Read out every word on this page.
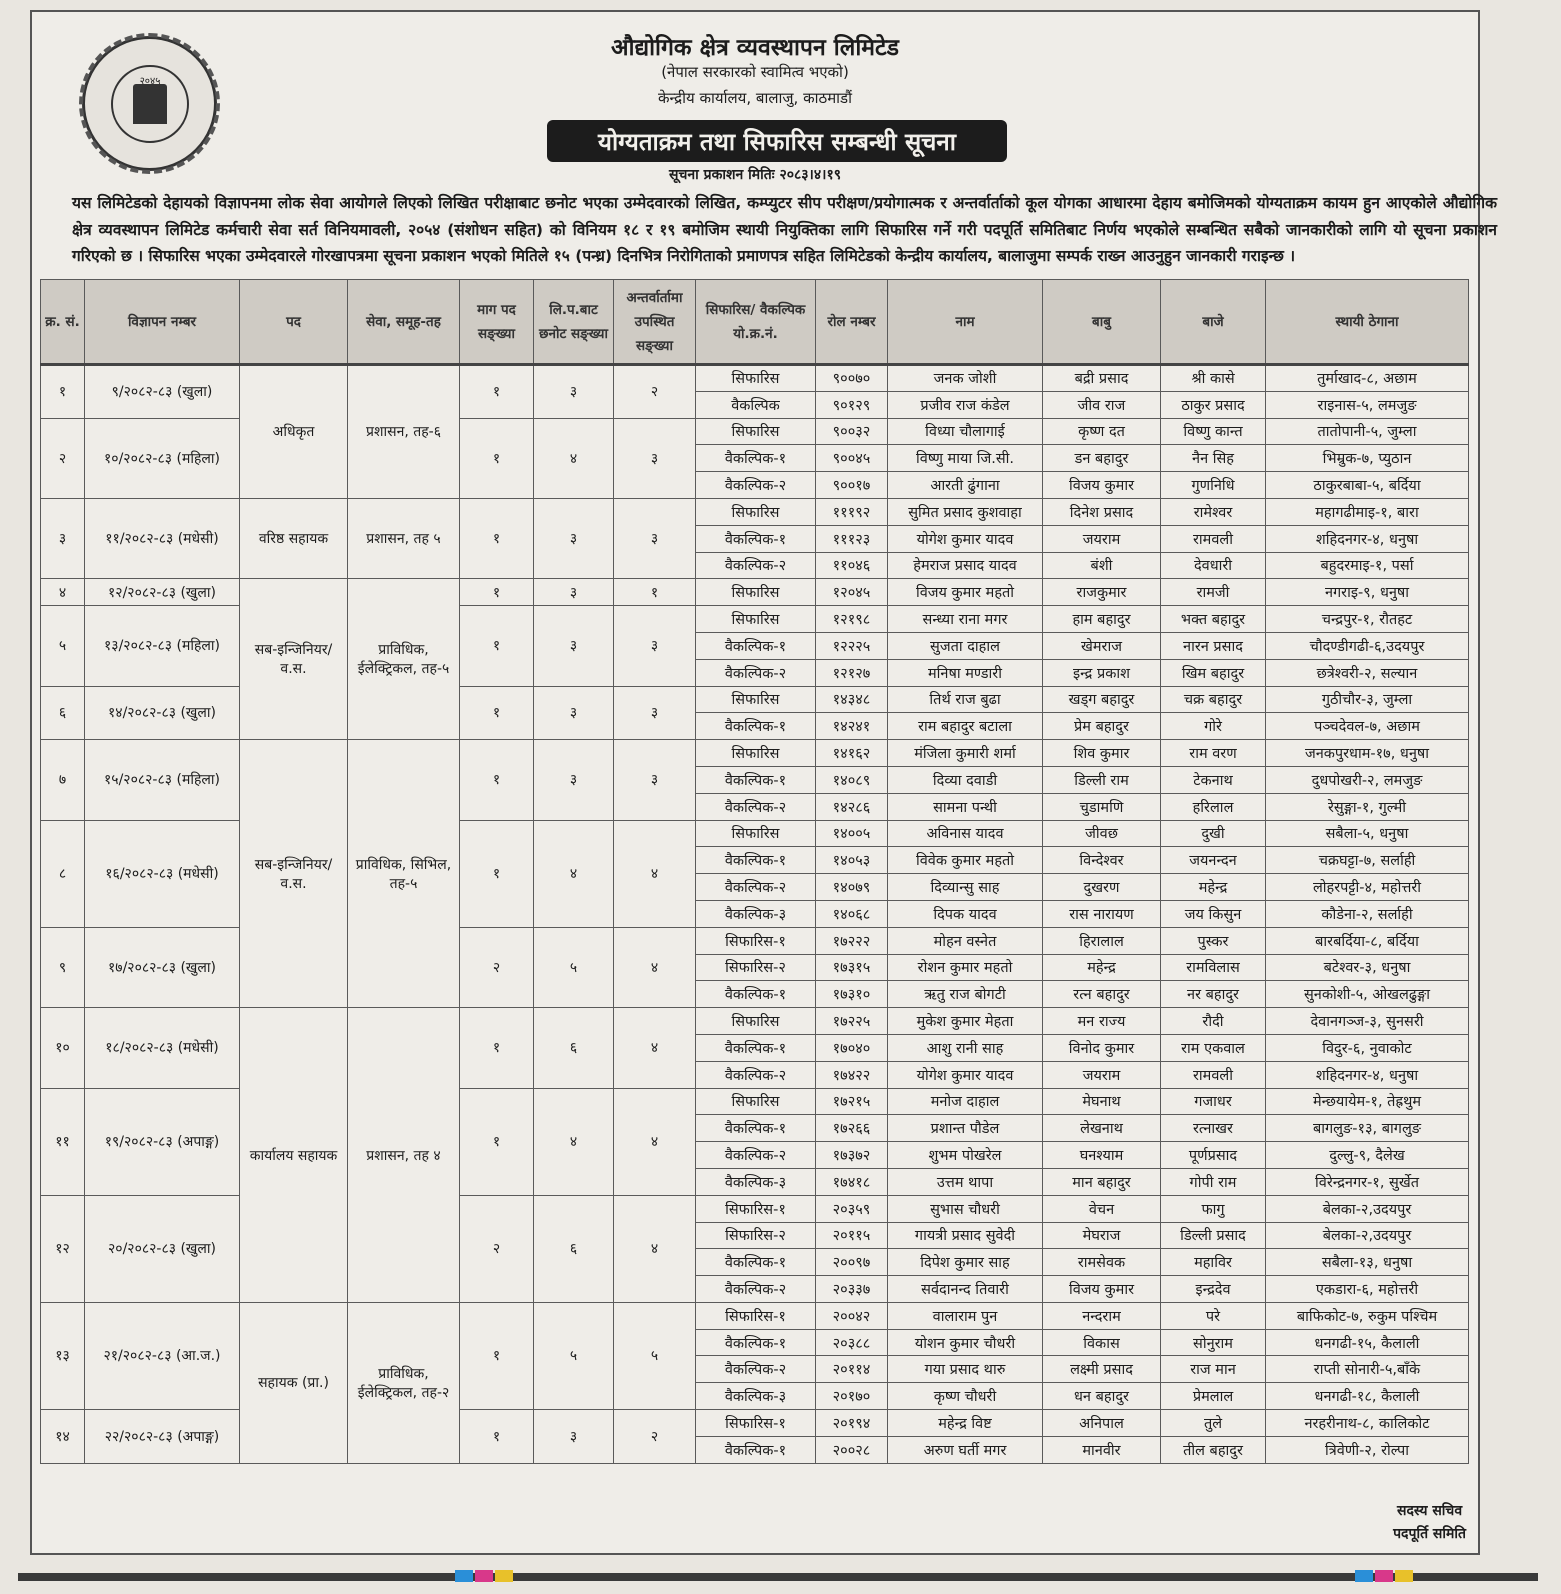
२०४५
औद्योगिक क्षेत्र व्यवस्थापन लिमिटेड
(नेपाल सरकारको स्वामित्व भएको)
केन्द्रीय कार्यालय, बालाजु, काठमाडौं
योग्यताक्रम तथा सिफारिस सम्बन्धी सूचना
सूचना प्रकाशन मितिः २०८३।४।१९

यस लिमिटेडको देहायको विज्ञापनमा लोक सेवा आयोगले लिएको लिखित परीक्षाबाट छनोट भएका उम्मेदवारको लिखित, कम्प्युटर सीप परीक्षण/प्रयोगात्मक र अन्तर्वार्ताको कूल योगका आधारमा देहाय बमोजिमको योग्यताक्रम कायम हुन आएकोले औद्योगिक क्षेत्र व्यवस्थापन लिमिटेड कर्मचारी सेवा सर्त विनियमावली, २०५४ (संशोधन सहित) को विनियम १८ र १९ बमोजिम स्थायी नियुक्तिका लागि सिफारिस गर्ने गरी पदपूर्ति समितिबाट निर्णय भएकोले सम्बन्धित सबैको जानकारीको लागि यो सूचना प्रकाशन गरिएको छ । सिफारिस भएका उम्मेदवारले गोरखापत्रमा सूचना प्रकाशन भएको मितिले १५ (पन्ध्र) दिनभित्र निरोगिताको प्रमाणपत्र सहित लिमिटेडको केन्द्रीय कार्यालय, बालाजुमा सम्पर्क राख्न आउनुहुन जानकारी गराइन्छ ।

क्र. सं.	विज्ञापन नम्बर	पद	सेवा, समूह-तह	माग पद सङ्ख्या	लि.प.बाट छनोट सङ्ख्या	अन्तर्वार्तामा उपस्थित सङ्ख्या	सिफारिस/ वैकल्पिक यो.क्र.नं.	रोल नम्बर	नाम	बाबु	बाजे	स्थायी ठेगाना
१	९/२०८२-८३ (खुला)	अधिकृत	प्रशासन, तह-६	१	३	२	सिफारिस	९००७०	जनक जोशी	बद्री प्रसाद	श्री कासे	तुर्माखाद-८, अछाम
							वैकल्पिक	९०१२९	प्रजीव राज कंडेल	जीव राज	ठाकुर प्रसाद	राइनास-५, लमजुङ
२	१०/२०८२-८३ (महिला)			१	४	३	सिफारिस	९००३२	विध्या चौलागाई	कृष्ण दत	विष्णु कान्त	तातोपानी-५, जुम्ला
							वैकल्पिक-१	९००४५	विष्णु माया जि.सी.	डन बहादुर	नैन सिह	भिम्रुक-७, प्युठान
							वैकल्पिक-२	९००१७	आरती ढुंगाना	विजय कुमार	गुणनिधि	ठाकुरबाबा-५, बर्दिया
३	११/२०८२-८३ (मधेसी)	वरिष्ठ सहायक	प्रशासन, तह ५	१	३	३	सिफारिस	१११९२	सुमित प्रसाद कुशवाहा	दिनेश प्रसाद	रामेश्वर	महागढीमाइ-१, बारा
							वैकल्पिक-१	१११२३	योगेश कुमार यादव	जयराम	रामवली	शहिदनगर-४, धनुषा
							वैकल्पिक-२	११०४६	हेमराज प्रसाद यादव	बंशी	देवधारी	बहुदरमाइ-१, पर्सा
४	१२/२०८२-८३ (खुला)	सब-इन्जिनियर/व.स.	प्राविधिक, ईलेक्ट्रिकल, तह-५	१	३	१	सिफारिस	१२०४५	विजय कुमार महतो	राजकुमार	रामजी	नगराइ-९, धनुषा
५	१३/२०८२-८३ (महिला)			१	३	३	सिफारिस	१२१९८	सन्ध्या राना मगर	हाम बहादुर	भक्त बहादुर	चन्द्रपुर-१, रौतहट
							वैकल्पिक-१	१२२२५	सुजता दाहाल	खेमराज	नारन प्रसाद	चौदण्डीगढी-६,उदयपुर
							वैकल्पिक-२	१२१२७	मनिषा मण्डारी	इन्द्र प्रकाश	खिम बहादुर	छत्रेश्वरी-२, सल्यान
६	१४/२०८२-८३ (खुला)			१	३	३	सिफारिस	१४३४८	तिर्थ राज बुढा	खड्ग बहादुर	चक्र बहादुर	गुठीचौर-३, जुम्ला
							वैकल्पिक-१	१४२४१	राम बहादुर बटाला	प्रेम बहादुर	गोरे	पञ्चदेवल-७, अछाम
७	१५/२०८२-८३ (महिला)	सब-इन्जिनियर/व.स.	प्राविधिक, सिभिल, तह-५	१	३	३	सिफारिस	१४१६२	मंजिला कुमारी शर्मा	शिव कुमार	राम वरण	जनकपुरधाम-१७, धनुषा
							वैकल्पिक-१	१४०८९	दिव्या दवाडी	डिल्ली राम	टेकनाथ	दुधपोखरी-२, लमजुङ
							वैकल्पिक-२	१४२८६	सामना पन्थी	चुडामणि	हरिलाल	रेसुङ्गा-१, गुल्मी
८	१६/२०८२-८३ (मधेसी)			१	४	४	सिफारिस	१४००५	अविनास यादव	जीवछ	दुखी	सबैला-५, धनुषा
							वैकल्पिक-१	१४०५३	विवेक कुमार महतो	विन्देश्वर	जयनन्दन	चक्रघट्टा-७, सर्लाही
							वैकल्पिक-२	१४०७९	दिव्यान्सु साह	दुखरण	महेन्द्र	लोहरपट्टी-४, महोत्तरी
							वैकल्पिक-३	१४०६८	दिपक यादव	रास नारायण	जय किसुन	कौडेना-२, सर्लाही
९	१७/२०८२-८३ (खुला)			२	५	४	सिफारिस-१	१७२२२	मोहन वस्नेत	हिरालाल	पुस्कर	बारबर्दिया-८, बर्दिया
							सिफारिस-२	१७३१५	रोशन कुमार महतो	महेन्द्र	रामविलास	बटेश्वर-३, धनुषा
							वैकल्पिक-१	१७३१०	ऋतु राज बोगटी	रत्न बहादुर	नर बहादुर	सुनकोशी-५, ओखलढुङ्गा
१०	१८/२०८२-८३ (मधेसी)	कार्यालय सहायक	प्रशासन, तह ४	१	६	४	सिफारिस	१७२२५	मुकेश कुमार मेहता	मन राज्य	रौदी	देवानगञ्ज-३, सुनसरी
							वैकल्पिक-१	१७०४०	आशु रानी साह	विनोद कुमार	राम एकवाल	विदुर-६, नुवाकोट
							वैकल्पिक-२	१७४२२	योगेश कुमार यादव	जयराम	रामवली	शहिदनगर-४, धनुषा
११	१९/२०८२-८३ (अपाङ्ग)			१	४	४	सिफारिस	१७२१५	मनोज दाहाल	मेघनाथ	गजाधर	मेन्छयायेम-१, तेह्रथुम
							वैकल्पिक-१	१७२६६	प्रशान्त पौडेल	लेखनाथ	रत्नाखर	बागलुङ-१३, बागलुङ
							वैकल्पिक-२	१७३७२	शुभम पोखरेल	घनश्याम	पूर्णप्रसाद	दुल्लु-९, दैलेख
							वैकल्पिक-३	१७४१८	उत्तम थापा	मान बहादुर	गोपी राम	विरेन्द्रनगर-१, सुर्खेत
१२	२०/२०८२-८३ (खुला)			२	६	४	सिफारिस-१	२०३५९	सुभास चौधरी	वेचन	फागु	बेलका-२,उदयपुर
							सिफारिस-२	२०११५	गायत्री प्रसाद सुवेदी	मेघराज	डिल्ली प्रसाद	बेलका-२,उदयपुर
							वैकल्पिक-१	२००९७	दिपेश कुमार साह	रामसेवक	महाविर	सबैला-१३, धनुषा
							वैकल्पिक-२	२०३३७	सर्वदानन्द तिवारी	विजय कुमार	इन्द्रदेव	एकडारा-६, महोत्तरी
१३	२१/२०८२-८३ (आ.ज.)	सहायक (प्रा.)	प्राविधिक, ईलेक्ट्रिकल, तह-२	१	५	५	सिफारिस-१	२००४२	वालाराम पुन	नन्दराम	परे	बाफिकोट-७, रुकुम पश्चिम
							वैकल्पिक-१	२०३८८	योशन कुमार चौधरी	विकास	सोनुराम	धनगढी-१५, कैलाली
							वैकल्पिक-२	२०११४	गया प्रसाद थारु	लक्ष्मी प्रसाद	राज मान	राप्ती सोनारी-५,बाँके
							वैकल्पिक-३	२०१७०	कृष्ण चौधरी	धन बहादुर	प्रेमलाल	धनगढी-१८, कैलाली
१४	२२/२०८२-८३ (अपाङ्ग)			१	३	२	सिफारिस-१	२०१९४	महेन्द्र विष्ट	अनिपाल	तुले	नरहरीनाथ-८, कालिकोट
							वैकल्पिक-१	२००२८	अरुण घर्ती मगर	मानवीर	तील बहादुर	त्रिवेणी-२, रोल्पा
सदस्य सचिव
पदपूर्ति समिति
